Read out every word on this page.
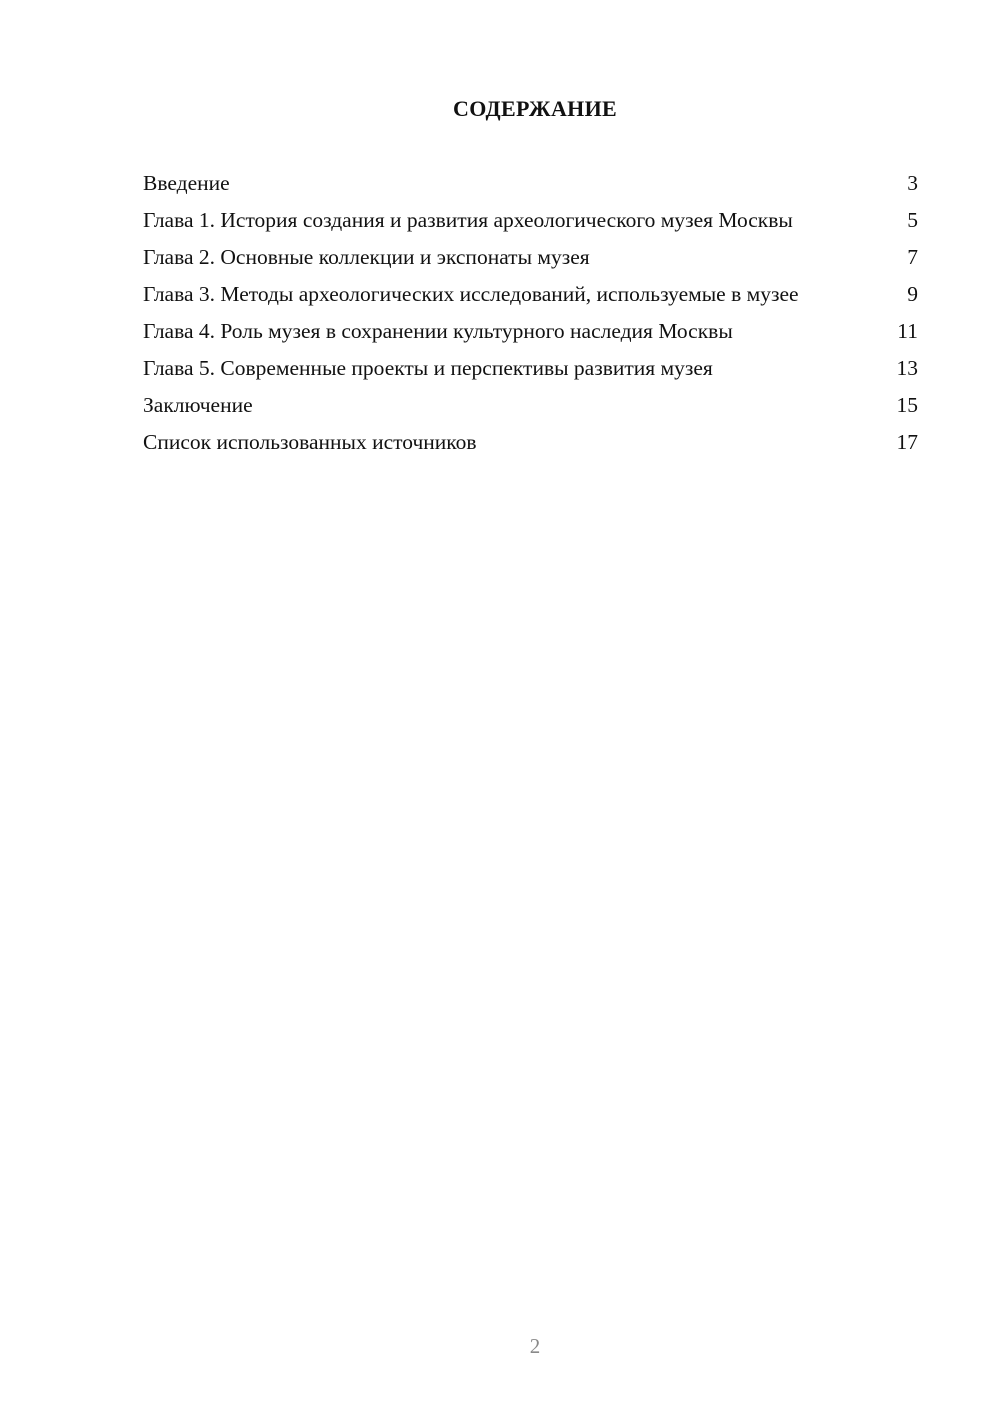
СОДЕРЖАНИЕ
Введение	3
Глава 1. История создания и развития археологического музея Москвы	5
Глава 2. Основные коллекции и экспонаты музея	7
Глава 3. Методы археологических исследований, используемые в музее	9
Глава 4. Роль музея в сохранении культурного наследия Москвы	11
Глава 5. Современные проекты и перспективы развития музея	13
Заключение	15
Список использованных источников	17
2
